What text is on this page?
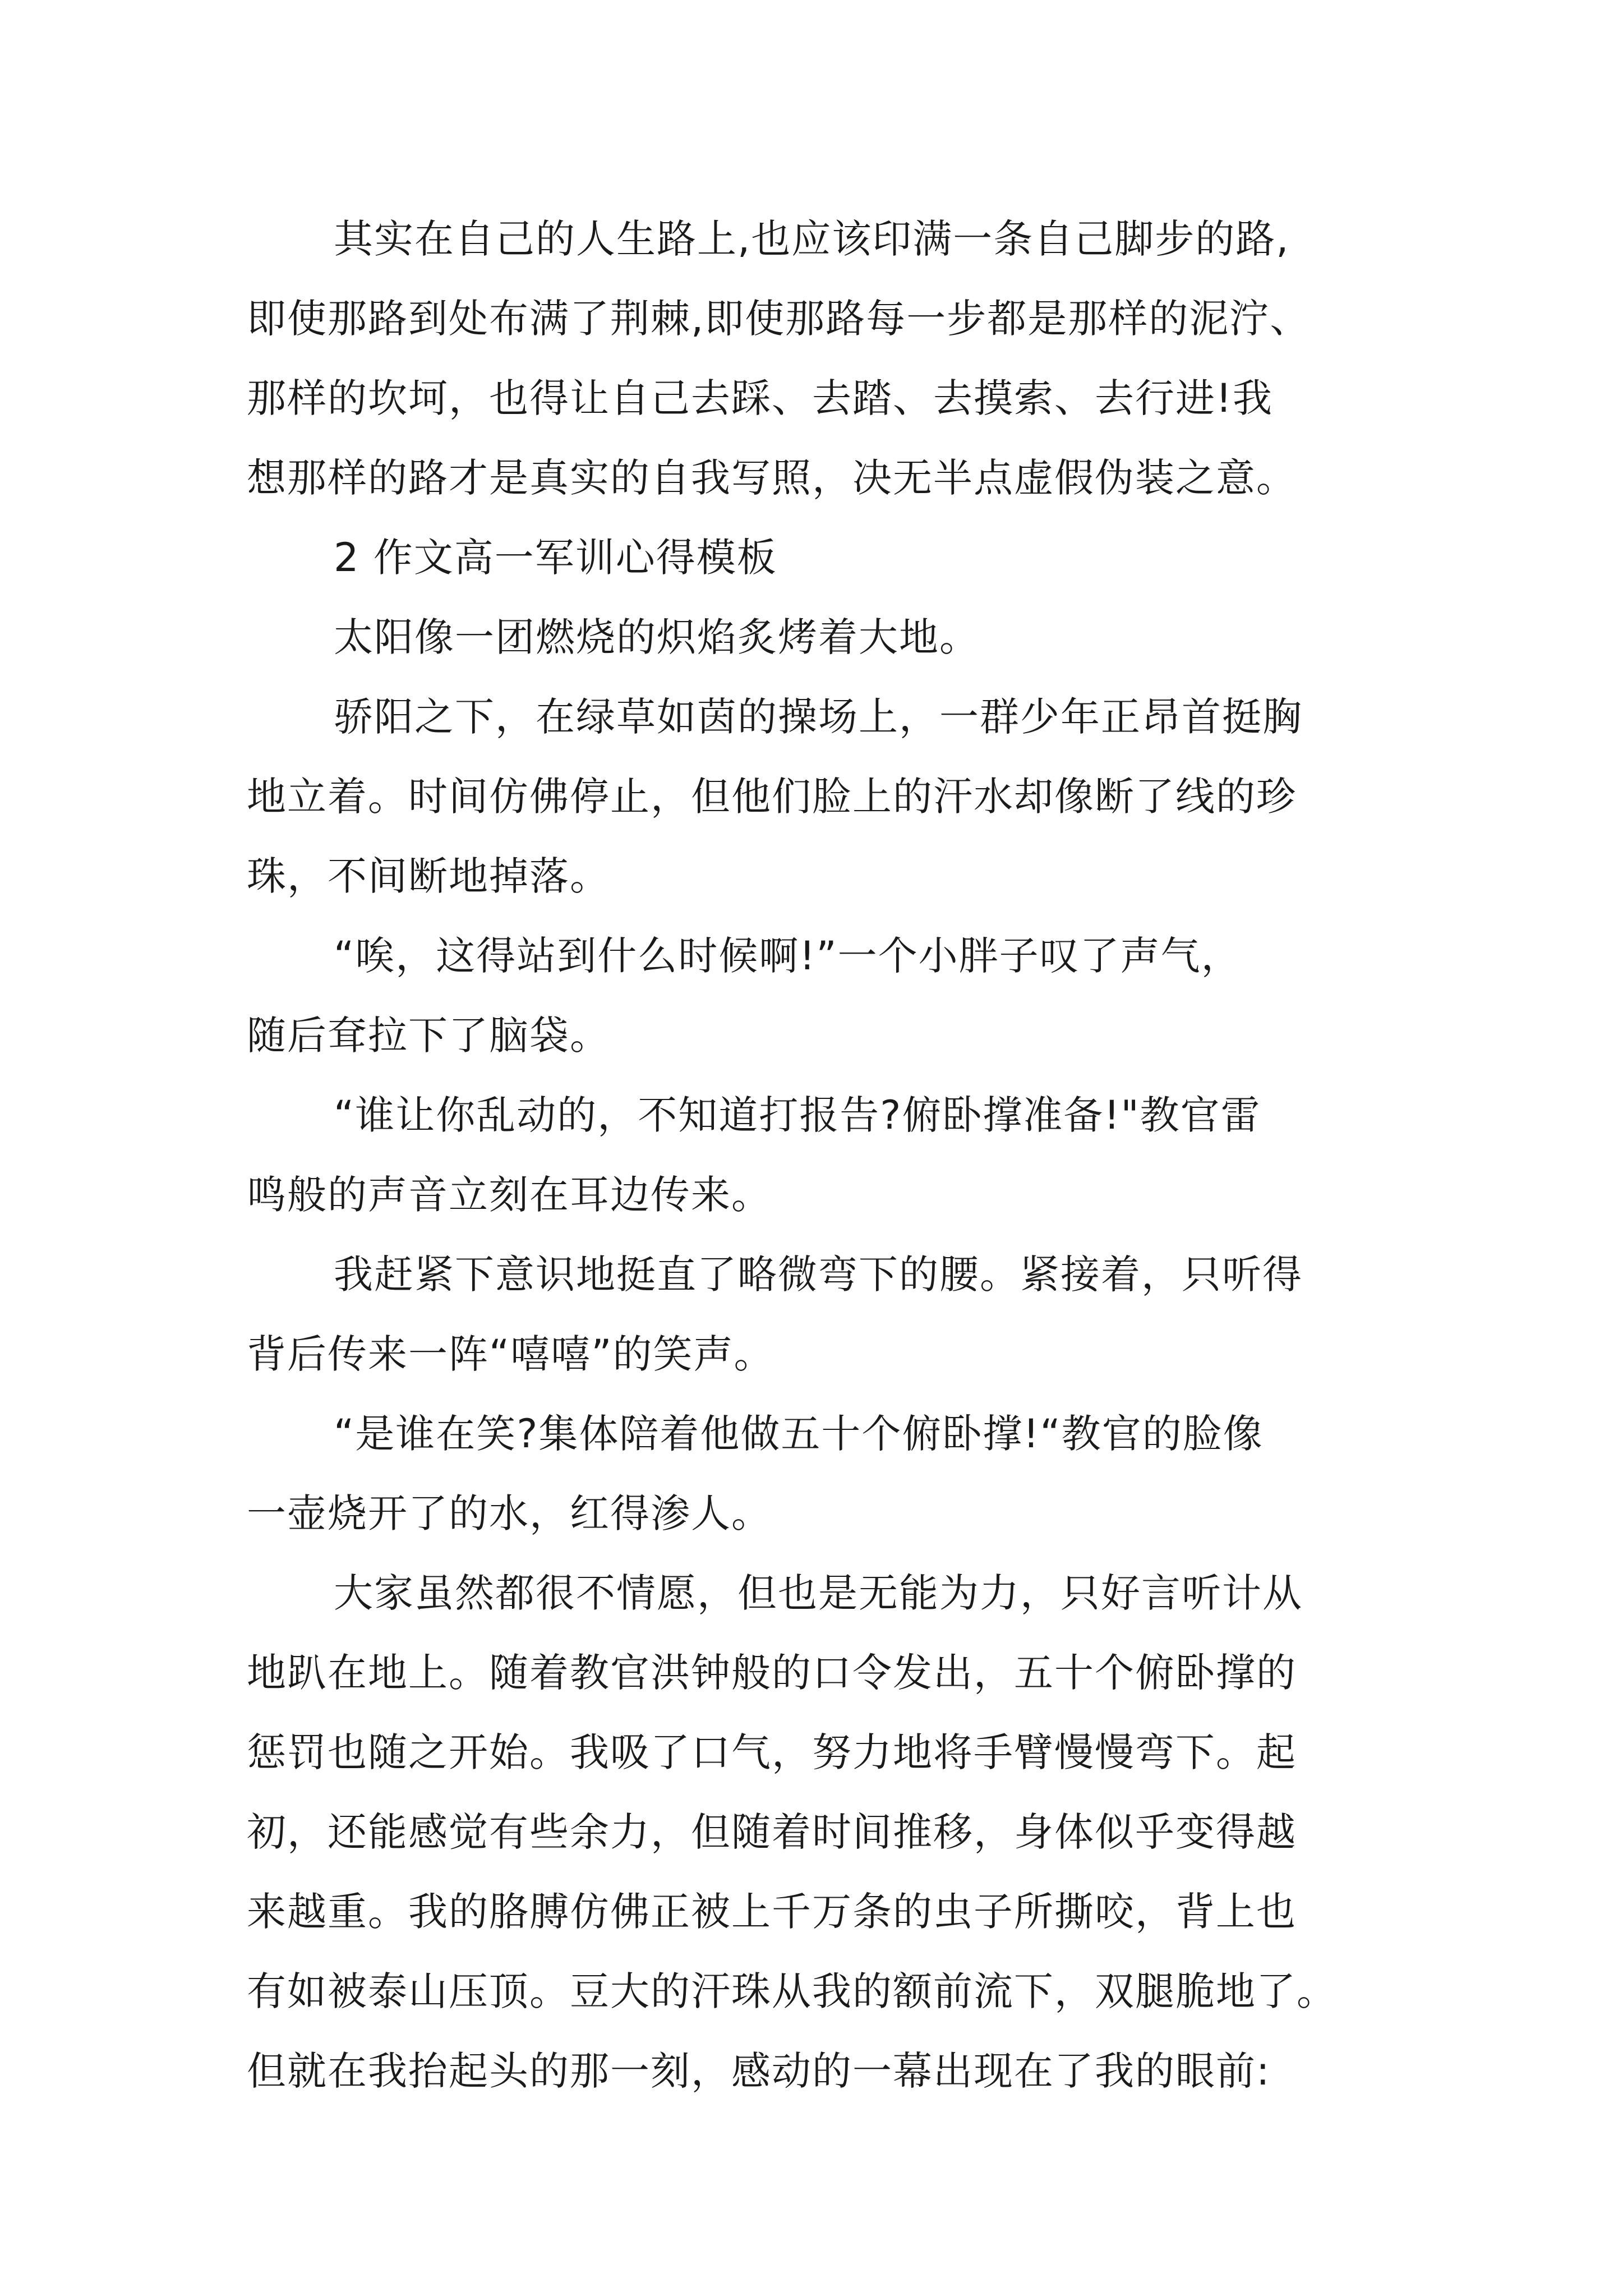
其实在自己的人生路上,也应该印满一条自己脚步的路,
即使那路到处布满了荆棘,即使那路每一步都是那样的泥泞、
那样的坎坷，也得让自己去踩、去踏、去摸索、去行进!我
想那样的路才是真实的自我写照，决无半点虚假伪装之意。
2 作文高一军训心得模板
太阳像一团燃烧的炽焰炙烤着大地。
骄阳之下，在绿草如茵的操场上，一群少年正昂首挺胸
地立着。时间仿佛停止，但他们脸上的汗水却像断了线的珍
珠，不间断地掉落。
“唉，这得站到什么时候啊!”一个小胖子叹了声气，
随后耷拉下了脑袋。
“谁让你乱动的，不知道打报告?俯卧撑准备!"教官雷
鸣般的声音立刻在耳边传来。
我赶紧下意识地挺直了略微弯下的腰。紧接着，只听得
背后传来一阵“嘻嘻”的笑声。
“是谁在笑?集体陪着他做五十个俯卧撑!“教官的脸像
一壶烧开了的水，红得渗人。
大家虽然都很不情愿，但也是无能为力，只好言听计从
地趴在地上。随着教官洪钟般的口令发出，五十个俯卧撑的
惩罚也随之开始。我吸了口气，努力地将手臂慢慢弯下。起
初，还能感觉有些余力，但随着时间推移，身体似乎变得越
来越重。我的胳膊仿佛正被上千万条的虫子所撕咬，背上也
有如被泰山压顶。豆大的汗珠从我的额前流下，双腿脆地了。
但就在我抬起头的那一刻，感动的一幕出现在了我的眼前:
